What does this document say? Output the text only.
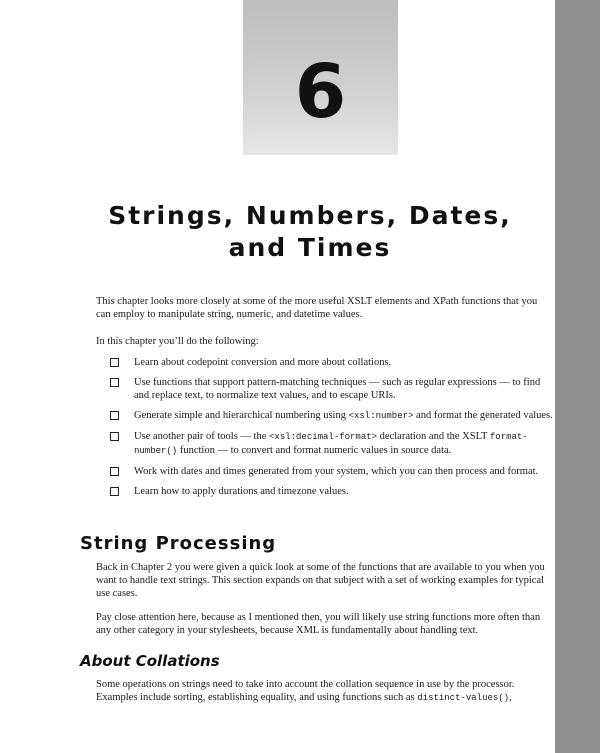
6
Strings, Numbers, Dates,
and Times

This chapter looks more closely at some of the more useful XSLT elements and XPath functions that you can employ to manipulate string, numeric, and datetime values.

In this chapter you’ll do the following:

Learn about codepoint conversion and more about collations.
Use functions that support pattern-matching techniques — such as regular expressions — to find and replace text, to normalize text values, and to escape URIs.
Generate simple and hierarchical numbering using <xsl:number> and format the generated values.
Use another pair of tools — the <xsl:decimal-format> declaration and the XSLT format-number() function — to convert and format numeric values in source data.
Work with dates and times generated from your system, which you can then process and format.
Learn how to apply durations and timezone values.
String Processing

Back in Chapter 2 you were given a quick look at some of the functions that are available to you when you want to handle text strings. This section expands on that subject with a set of working examples for typical use cases.

Pay close attention here, because as I mentioned then, you will likely use string functions more often than any other category in your stylesheets, because XML is fundamentally about handling text.

About Collations

Some operations on strings need to take into account the collation sequence in use by the processor. Examples include sorting, establishing equality, and using functions such as distinct-values(),
